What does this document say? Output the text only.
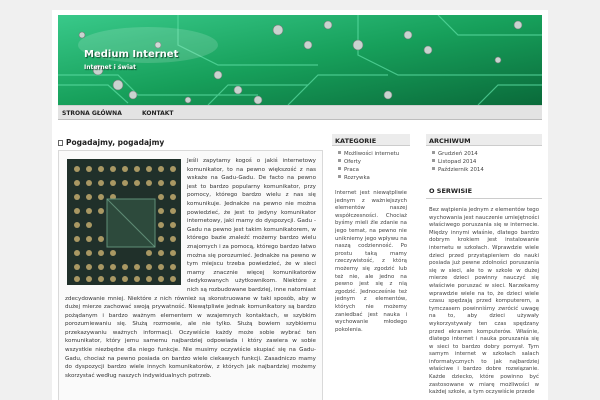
Medium Internet
Internet i świat
STRONA GŁÓWNA	KONTAKT
Pogadajmy, pogadajmy
Jeśli zapytamy kogoś o jakiś internetowy komunikator, to na pewno większość z nas wskaże na Gadu-Gadu. De facto na pewno jest to bardzo popularny komunikator, przy pomocy, którego bardzo wielu z nas się komunikuje. Jednakże na pewno nie można powiedzieć, że jest to jedyny komunikator internetowy, jaki mamy do dyspozycji. Gadu - Gadu na pewno jest takim komunikatorem, w którego bazie znaleźć możemy bardzo wielu znajomych i za pomocą, którego bardzo łatwo można się porozumieć. Jednakże na pewno w tym miejscu trzeba powiedzieć, że w sieci mamy znacznie więcej komunikatorów dedykowanych użytkownikom. Niektóre z nich są rozbudowane bardziej, inne natomiast zdecydowanie mniej. Niektóre z nich również są skonstruowane w taki sposób, aby w dużej mierze zachować swoją prywatność. Niewątpliwie jednak komunikatory są bardzo pożądanym i bardzo ważnym elementem w wzajemnych kontaktach, w szybkim porozumiewaniu się. Służą rozmowie, ale nie tylko. Służą bowiem szybkiemu przekazywaniu ważnych informacji. Oczywiście każdy może sobie wybrać ten komunikator, który jemu samemu najbardziej odpowiada i który zawiera w sobie wszystkie niezbędne dla niego funkcje. Nie musimy oczywiście skupiać się na Gadu- Gadu, chociaż na pewno posiada on bardzo wiele ciekawych funkcji. Zasadniczo mamy do dyspozycji bardzo wiele innych komunikatorów, z których jak najbardziej możemy skorzystać według naszych indywidualnych potrzeb.
KATEGORIE
Możliwości internetu
Oferty
Praca
Rozrywka
Internet jest niewątpliwie jednym z ważniejszych elementów naszej współczesności. Chociaż byśmy mieli źle zdanie na jego temat, na pewno nie unikniemy jego wpływu na naszą codzienność. Po prostu taką mamy rzeczywistość, z którą możemy się zgodzić lub też nie, ale jedno na pewno jest się z nią zgodzić. Jednocześnie też jednym z elementów, których nie możemy zaniedbać jest nauka i wychowanie młodego pokolenia.
ARCHIWUM
Grudzień 2014
Listopad 2014
Październik 2014
O SERWISIE
Bez wątpienia jednym z elementów tego wychowania jest nauczenie umiejętności właściwego poruszania się w internecie. Między innymi właśnie, dlatego bardzo dobrym krokiem jest instalowanie internetu w szkołach. Wprawdzie wiele dzieci przed przystąpieniem do nauki posiada już pewne zdolności poruszania się w sieci, ale to w szkole w dużej mierze dzieci powinny nauczyć się właściwie poruszać w sieci. Narzekamy wprawdzie wiele na to, że dzieci wiele czasu spędzają przed komputerem, a tymczasem powinniśmy zwrócić uwagę na to, aby dzieci używały wykorzystywały ten czas spędzany przed ekranem komputerów. Właśnie, dlatego internet i nauka poruszania się w sieci to bardzo dobry pomysł. Tym samym internet w szkołach salach informatycznych to jak najbardziej właściwe i bardzo dobre rozwiązanie. Każde dziecko, które powinno być zastosowane w miarę możliwości w każdej szkole, a tym oczywiście przede
